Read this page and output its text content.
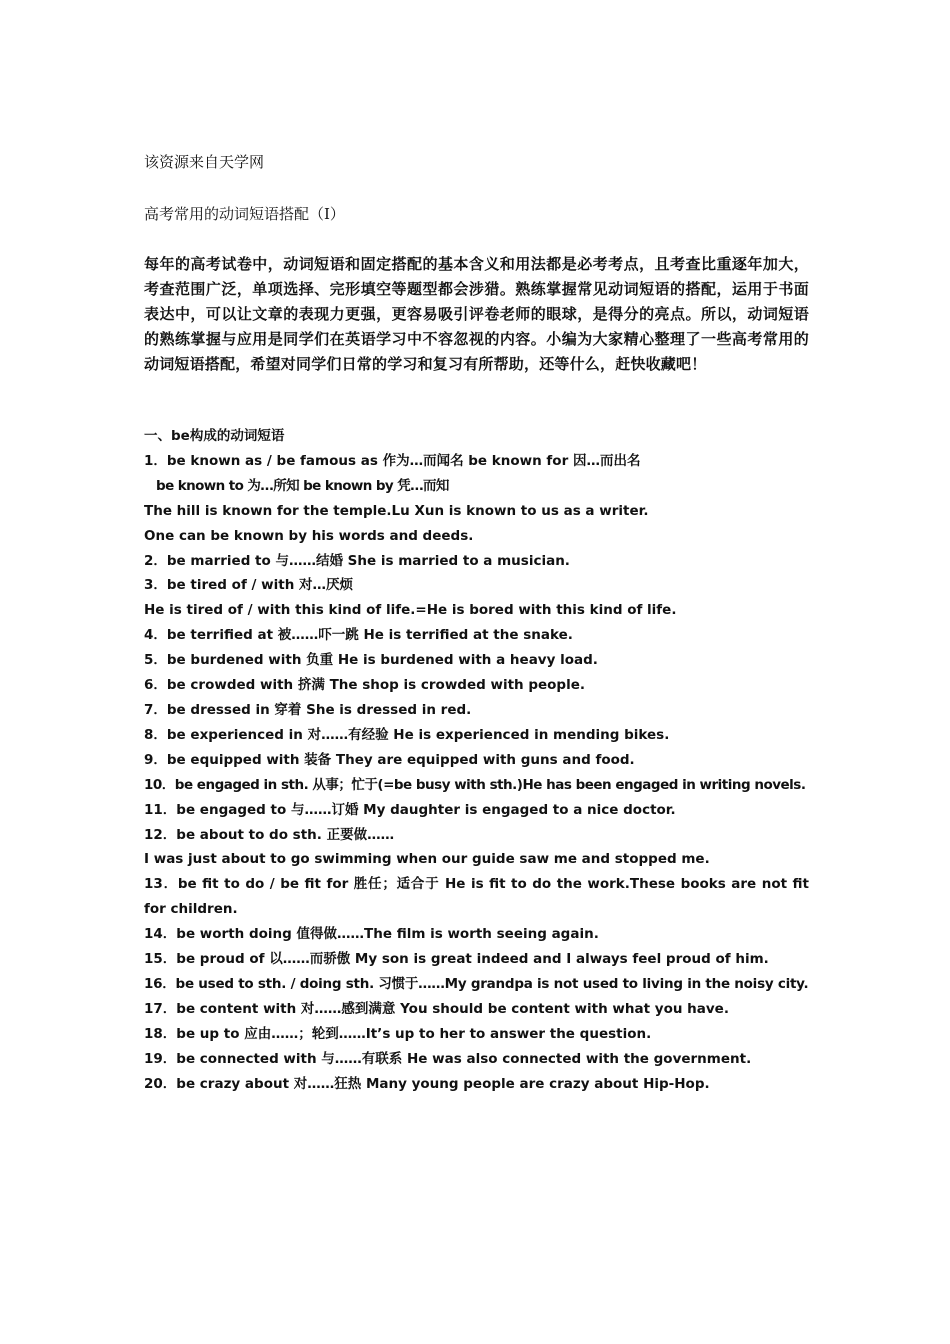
该资源来自天学网

高考常用的动词短语搭配（Ⅰ）

每年的高考试卷中，动词短语和固定搭配的基本含义和用法都是必考考点，且考查比重逐年加大，考查范围广泛，单项选择、完形填空等题型都会涉猎。熟练掌握常见动词短语的搭配，运用于书面表达中，可以让文章的表现力更强，更容易吸引评卷老师的眼球，是得分的亮点。所以，动词短语的熟练掌握与应用是同学们在英语学习中不容忽视的内容。小编为大家精心整理了一些高考常用的动词短语搭配，希望对同学们日常的学习和复习有所帮助，还等什么，赶快收藏吧！

一、be构成的动词短语

1．be known as / be famous as 作为…而闻名 be known for 因…而出名

be known to 为…所知 be known by 凭…而知

The hill is known for the temple.Lu Xun is known to us as a writer.

One can be known by his words and deeds.

2．be married to 与……结婚 She is married to a musician.

3．be tired of / with 对…厌烦

He is tired of / with this kind of life.=He is bored with this kind of life.

4．be terrified at 被……吓一跳 He is terrified at the snake.

5．be burdened with 负重 He is burdened with a heavy load.

6．be crowded with 挤满 The shop is crowded with people.

7．be dressed in 穿着 She is dressed in red.

8．be experienced in 对……有经验 He is experienced in mending bikes.

9．be equipped with 装备 They are equipped with guns and food.

10．be engaged in sth. 从事；忙于(=be busy with sth.)He has been engaged in writing novels.

11．be engaged to 与……订婚 My daughter is engaged to a nice doctor.

12．be about to do sth. 正要做……

I was just about to go swimming when our guide saw me and stopped me.

13．be fit to do / be fit for 胜任；适合于 He is fit to do the work.These books are not fit for children.

14．be worth doing 值得做……The film is worth seeing again.

15．be proud of 以……而骄傲 My son is great indeed and I always feel proud of him.

16．be used to sth. / doing sth. 习惯于……My grandpa is not used to living in the noisy city.

17．be content with 对……感到满意 You should be content with what you have.

18．be up to 应由……；轮到……It’s up to her to answer the question.

19．be connected with 与……有联系 He was also connected with the government.

20．be crazy about 对……狂热 Many young people are crazy about Hip-Hop.
